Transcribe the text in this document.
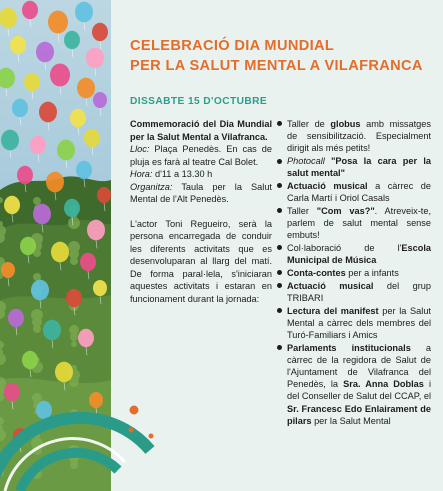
CELEBRACIÓ DIA MUNDIAL
PER LA SALUT MENTAL A VILAFRANCA
DISSABTE 15 D'OCTUBRE

Commemoració del Dia Mundial per la Salut Mental a Vilafranca.
Lloc: Plaça Penedès. En cas de pluja es farà al teatre Cal Bolet.
Hora: d'11 a 13.30 h
Organitza: Taula per la Salut Mental de l'Alt Penedès.

L'actor Toni Regueiro, serà la persona encarregada de conduir les diferents activitats que es desenvoluparan al llarg del matí. De forma paral·lela, s'iniciaran aquestes activitats i estaran en funcionament durant la jornada:

Taller de globus amb missatges de sensibilització. Especialment dirigit als més petits!
Photocall "Posa la cara per la salut mental"
Actuació musical a càrrec de Carla Martí i Oriol Casals
Taller "Com vas?". Atreveix-te, parlem de salut mental sense embuts!
Col·laboració de l'Escola Municipal de Música
Conta-contes per a infants
Actuació musical del grup TRIBARI
Lectura del manifest per la Salut Mental a càrrec dels membres del Turó-Familiars i Amics
Parlaments institucionals a càrrec de la regidora de Salut de l'Ajuntament de Vilafranca del Penedès, la Sra. Anna Doblas i del Conseller de Salut del CCAP, el Sr. Francesc Edo Enlairament de pilars per la Salut Mental
